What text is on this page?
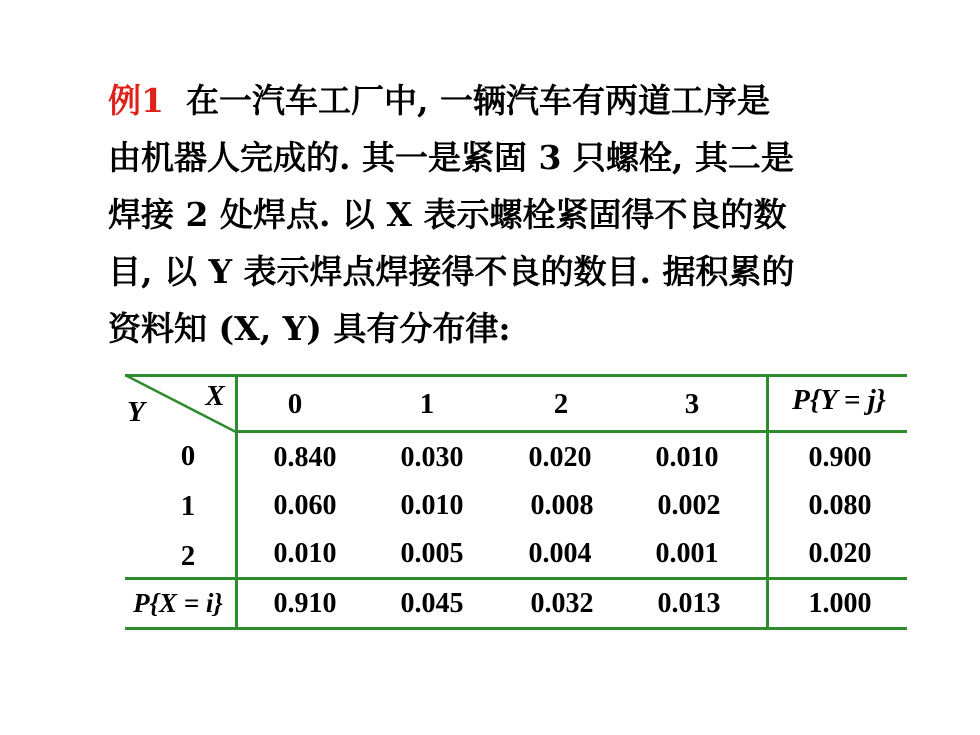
例1 在一汽车工厂中, 一辆汽车有两道工序是
由机器人完成的. 其一是紧固 3 只螺栓, 其二是
焊接 2 处焊点. 以 X 表示螺栓紧固得不良的数
目, 以 Y 表示焊点焊接得不良的数目. 据积累的
资料知 (X, Y) 具有分布律:
X
Y	0	1	2	3	P{Y = j}
0	0.840	0.030	0.020	0.010	0.900
1	0.060	0.010	0.008	0.002	0.080
2	0.010	0.005	0.004	0.001	0.020
P{X = i}	0.910	0.045	0.032	0.013	1.000
